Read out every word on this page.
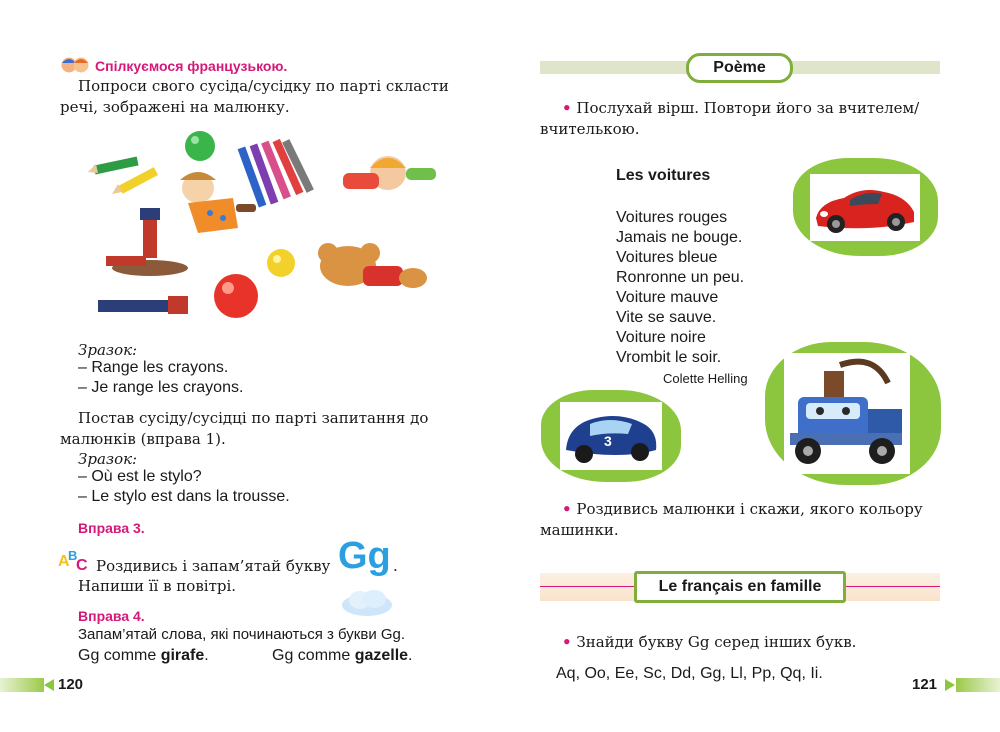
Спілкуємося французькою.
Попроси свого сусіда/сусідку по парті скласти
речі, зображені на малюнку.
Зразок:
– Range les crayons.
– Je range les crayons.
Постав сусіду/сусідці по парті запитання до
малюнків (вправа 1).
Зразок:
– Où est le stylo?
– Le stylo est dans la trousse.
Вправа 3.
A
B
C Роздивись і запам’ятай букву Gg .
Напиши її в повітрі.
Вправа 4.
Запам’ятай слова, які починаються з букви Gg.
Gg comme girafe.	Gg comme gazelle.
120
Poème
• Послухай вірш. Повтори його за вчителем/
вчителькою.
Les voitures
Voitures rouges
Jamais ne bouge.
Voitures bleue
Ronronne un peu.
Voiture mauve
Vite se sauve.
Voiture noire
Vrombit le soir.
Colette Helling
3
• Роздивись малюнки і скажи, якого кольору
машинки.
Le français en famille
• Знайди букву Gg серед інших букв.
Aq, Oo, Ee, Sc, Dd, Gg, Ll, Pp, Qq, Ii.
121
